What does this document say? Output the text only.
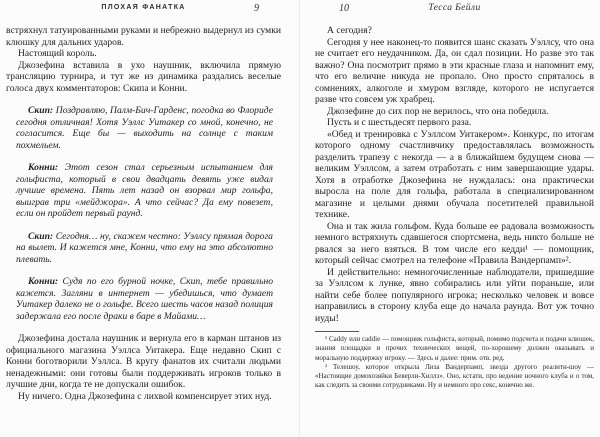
ПЛОХАЯ ФАНАТКА	9

встряхнул татуированными руками и небрежно выдернул из сумки клюшку для дальних ударов.

Настоящий король.

Джозефина вставила в ухо наушник, включила прямую трансляцию турнира, и тут же из динамика раздались веселые голоса двух комментаторов: Скипа и Конни.

Скип: Поздравляю, Палм-Бич-Гарденс, погодка во Флориде сегодня отличная! Хотя Уэллс Уитакер со мной, конечно, не согласится. Еще бы — выходить на солнце с таким похмельем.

Конни: Этот сезон стал серьезным испытанием для гольфиста, который в свои двадцать девять уже видал лучшие времена. Пять лет назад он взорвал мир гольфа, выиграв три «мейджора». А что сейчас? Да ему повезет, если он пройдет первый раунд.

Скип: Сегодня… ну, скажем честно: Уэллсу прямая дорога на вылет. И кажется мне, Конни, что ему на это абсолютно плевать.

Конни: Судя по его бурной ночке, Скип, тебе правильно кажется. Загляни в интернет — убедишься, что думает Уитакер далеко не о гольфе. Всего шесть часов назад полиция задержала его после драки в баре в Майами…

Джозефина достала наушник и вернула его в карман штанов из официального магазина Уэллса Уитакера. Еще недавно Скип с Конни боготворили Уэллса. В кругу фанатов их считали людьми ненадежными: они готовы были поддерживать игроков только в лучшие дни, когда те не допускали ошибок.

Ну ничего. Одна Джозефина с лихвой компенсирует этих нуд.

10	Тесса Бейли

А сегодня?

Сегодня у нее наконец-то появится шанс сказать Уэллсу, что она не считает его неудачником. Да, он сдал позиции. Но разве это так важно? Она посмотрит прямо в эти красные глаза и напомнит ему, что его величие никуда не пропало. Оно просто спряталось в сомнениях, алкоголе и хмуром взгляде, которого не испугается разве что совсем уж храбрец.

Джозефине до сих пор не верилось, что она победила.

Пусть и с шестьдесят первого раза.

«Обед и тренировка с Уэллсом Уитакером». Конкурс, по итогам которого одному счастливчику предоставлялась возможность разделить трапезу с некогда — а в ближайшем будущем снова — великим Уэллсом, а затем отработать с ним завершающие удары. Хотя в отработке Джозефина не нуждалась: она практически выросла на поле для гольфа, работала в специализированном магазине и целыми днями обучала посетителей правильной технике.

Она и так жила гольфом. Куда больше ее радовала возможность немного встряхнуть сдавшегося спортсмена, ведь никто больше не рвался за него взяться. В том числе его кедди¹ — помощник, который сейчас смотрел на телефоне «Правила Вандерпамп»².

И действительно: немногочисленные наблюдатели, пришедшие за Уэллсом к лунке, явно собирались или уйти пораньше, или найти себе более популярного игрока; несколько человек и вовсе направились в сторону клуба еще до начала раунда. Вот уж точно иуды!

¹ Caddy или caddie — помощник гольфиста, который, помимо подсчета и подачи клюшек, знания площадки и прочих технических вещей, по-хорошему должен оказывать и моральную поддержку игроку. — Здесь и далее: прим. отв. ред.

² Телешоу, которое открыла Лиза Вандерпамп, звезда другого реалити-шоу — «Настоящие домохозяйки Беверли-Хиллз». Оно, кстати, про ведение ночного клуба и о том, как следить за своими сотрудниками. Ну и немного про секс, конечно же.
